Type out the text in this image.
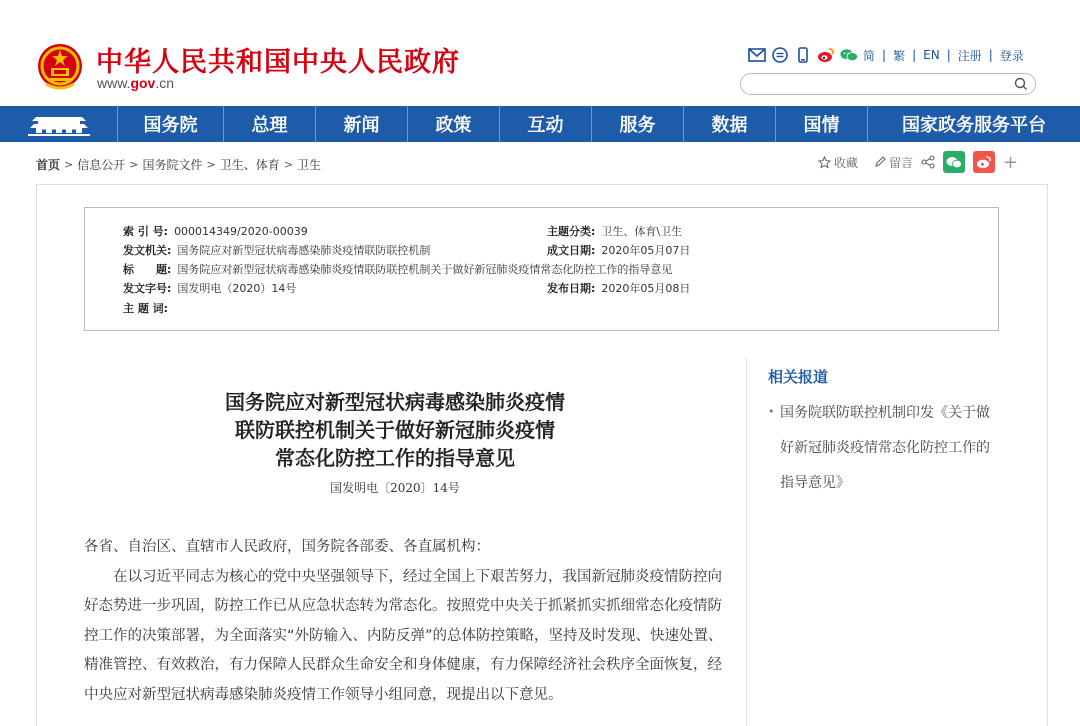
中华人民共和国中央人民政府
www.gov.cn
简 | 繁 | EN | 注册 | 登录
国务院	总理	新闻	政策	互动	服务	数据	国情	国家政务服务平台
首页 > 信息公开 > 国务院文件 > 卫生、体育 > 卫生	收藏	留言	+
索 引 号: 000014349/2020-00039	主题分类: 卫生、体育\卫生
发文机关: 国务院应对新型冠状病毒感染肺炎疫情联防联控机制	成文日期: 2020年05月07日
标　　题: 国务院应对新型冠状病毒感染肺炎疫情联防联控机制关于做好新冠肺炎疫情常态化防控工作的指导意见
发文字号: 国发明电（2020）14号	发布日期: 2020年05月08日
主 题 词:
国务院应对新型冠状病毒感染肺炎疫情
联防联控机制关于做好新冠肺炎疫情
常态化防控工作的指导意见
国发明电〔2020〕14号

各省、自治区、直辖市人民政府，国务院各部委、各直属机构：

在以习近平同志为核心的党中央坚强领导下，经过全国上下艰苦努力，我国新冠肺炎疫情防控向好态势进一步巩固，防控工作已从应急状态转为常态化。按照党中央关于抓紧抓实抓细常态化疫情防控工作的决策部署，为全面落实“外防输入、内防反弹”的总体防控策略，坚持及时发现、快速处置、精准管控、有效救治，有力保障人民群众生命安全和身体健康，有力保障经济社会秩序全面恢复，经中央应对新型冠状病毒感染肺炎疫情工作领导小组同意，现提出以下意见。

相关报道
• 国务院联防联控机制印发《关于做好新冠肺炎疫情常态化防控工作的指导意见》
